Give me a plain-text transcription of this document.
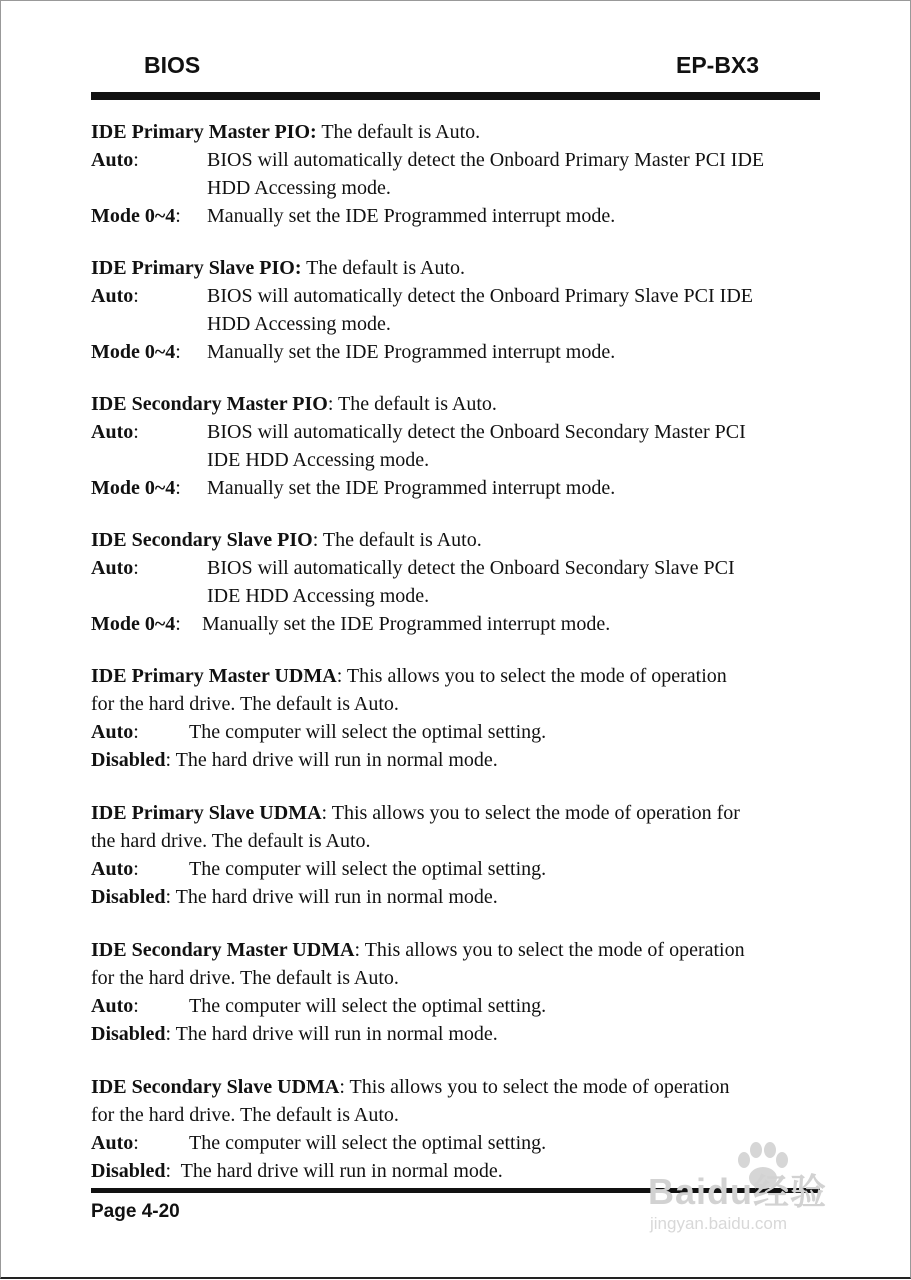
BIOS	EP-BX3
IDE Primary Master PIO: The default is Auto.
Auto:	BIOS will automatically detect the Onboard Primary Master PCI IDE
HDD Accessing mode.
Mode 0~4:	Manually set the IDE Programmed interrupt mode.
IDE Primary Slave PIO: The default is Auto.
Auto:	BIOS will automatically detect the Onboard Primary Slave PCI IDE
HDD Accessing mode.
Mode 0~4:	Manually set the IDE Programmed interrupt mode.
IDE Secondary Master PIO: The default is Auto.
Auto:	BIOS will automatically detect the Onboard Secondary Master PCI
IDE HDD Accessing mode.
Mode 0~4:	Manually set the IDE Programmed interrupt mode.
IDE Secondary Slave PIO: The default is Auto.
Auto:	BIOS will automatically detect the Onboard Secondary Slave PCI
IDE HDD Accessing mode.
Mode 0~4:	Manually set the IDE Programmed interrupt mode.
IDE Primary Master UDMA: This allows you to select the mode of operation
for the hard drive. The default is Auto.
Auto:	The computer will select the optimal setting.
Disabled: The hard drive will run in normal mode.
IDE Primary Slave UDMA: This allows you to select the mode of operation for
the hard drive. The default is Auto.
Auto:	The computer will select the optimal setting.
Disabled: The hard drive will run in normal mode.
IDE Secondary Master UDMA: This allows you to select the mode of operation
for the hard drive. The default is Auto.
Auto:	The computer will select the optimal setting.
Disabled: The hard drive will run in normal mode.
IDE Secondary Slave UDMA: This allows you to select the mode of operation
for the hard drive. The default is Auto.
Auto:	The computer will select the optimal setting.
Disabled:  The hard drive will run in normal mode.
Page 4-20	Baidu经验
jingyan.baidu.com
